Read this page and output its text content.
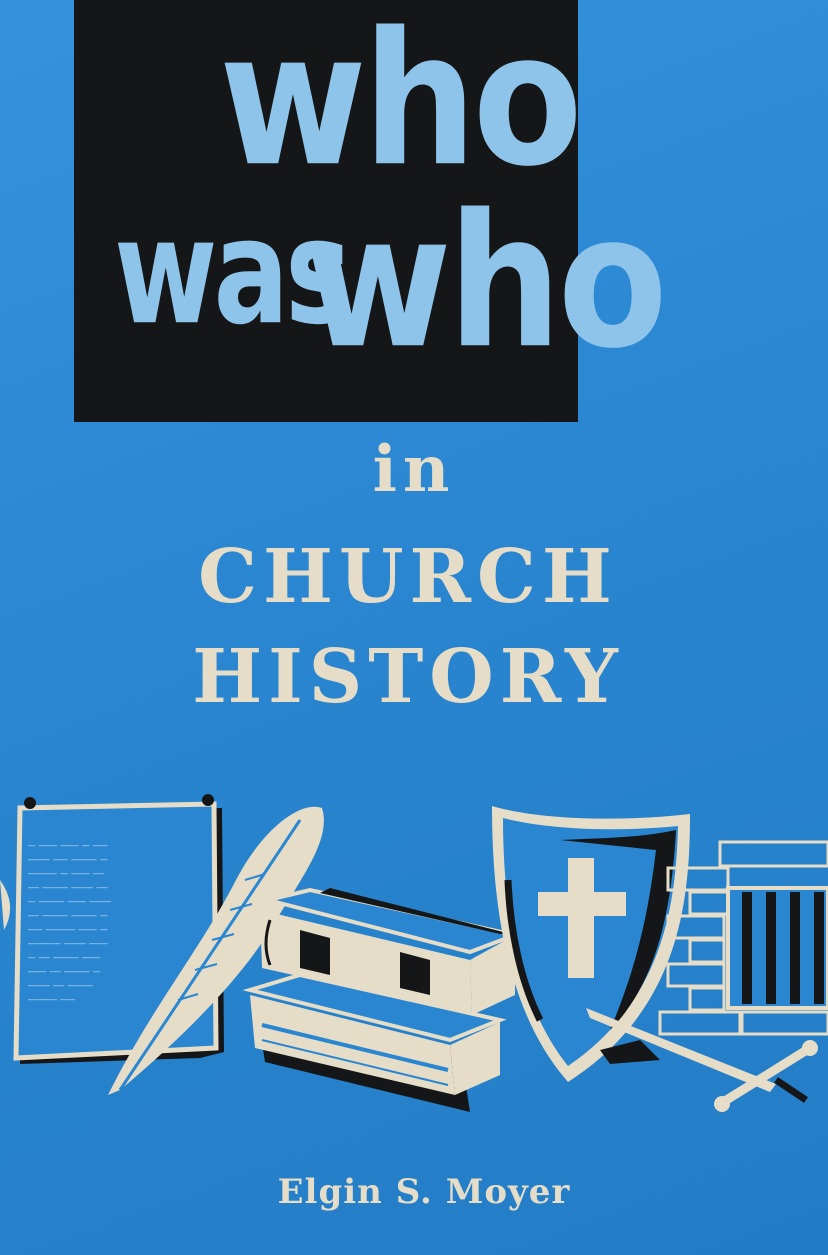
who
was
who
in
CHURCH
HISTORY
── ───── ───── ── ────
────── ──── ─────── ──
──────── ── ───── ───
─── ─────── ────── ───
── ─────── ───── ──────
─── ─────── ─────── ──
──── ──────── ───── ──
───────── ────── ─────
── ─── ─────── ─────
───── ─── ─────── ──
────── ─── ───────
──────── ────
Elgin S. Moyer
